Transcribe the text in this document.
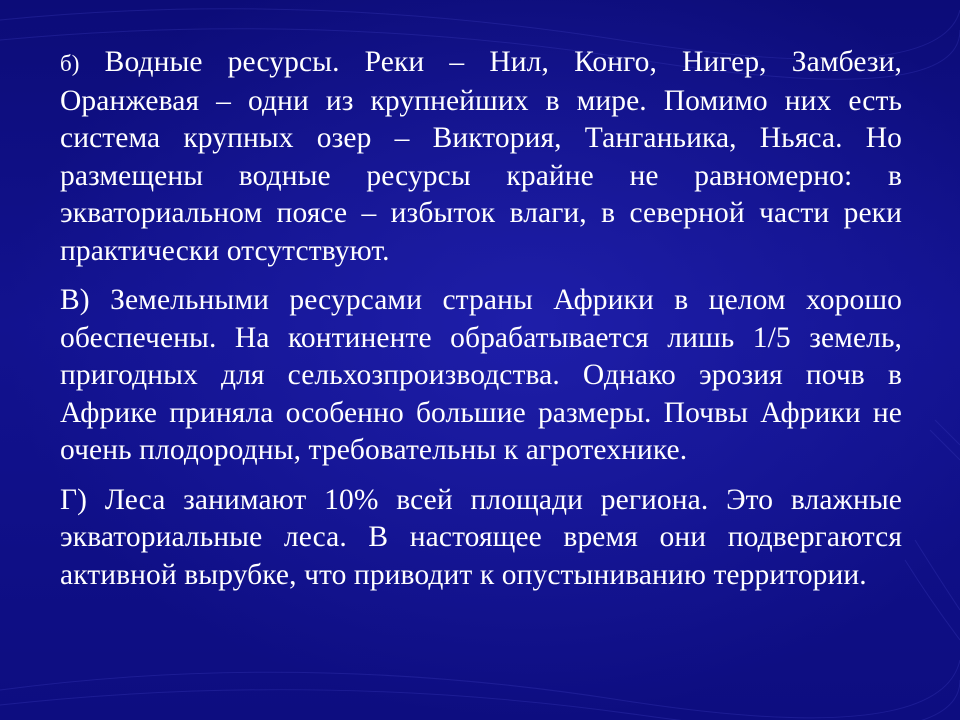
б) Водные ресурсы. Реки – Нил, Конго, Нигер, Замбези, Оранжевая – одни из крупнейших в мире. Помимо них есть система крупных озер – Виктория, Танганьика, Ньяса. Но размещены водные ресурсы крайне не равномерно: в экваториальном поясе – избыток влаги, в северной части реки практически отсутствуют.

В) Земельными ресурсами страны Африки в целом хорошо обеспечены. На континенте обрабатывается лишь 1/5 земель, пригодных для сельхозпроизводства. Однако эрозия почв в Африке приняла особенно большие размеры. Почвы Африки не очень плодородны, требовательны к агротехнике.

Г) Леса занимают 10% всей площади региона. Это влажные экваториальные леса. В настоящее время они подвергаются активной вырубке, что приводит к опустыниванию территории.
